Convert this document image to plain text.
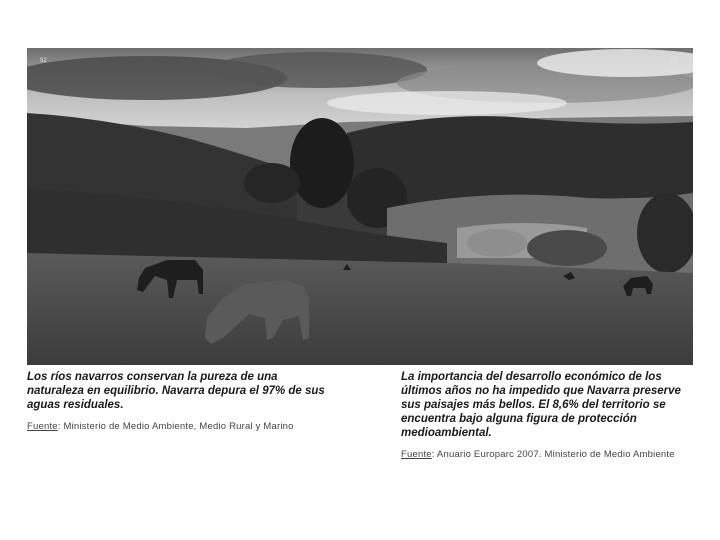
52	53
Los ríos navarros conservan la pureza de una naturaleza en equilibrio. Navarra depura el 97% de sus aguas residuales.
Fuente: Ministerio de Medio Ambiente, Medio Rural y Marino
La importancia del desarrollo económico de los últimos años no ha impedido que Navarra preserve sus paisajes más bellos. El 8,6% del territorio se encuentra bajo alguna figura de protección medioambiental.
Fuente: Anuario Europarc 2007. Ministerio de Medio Ambiente
